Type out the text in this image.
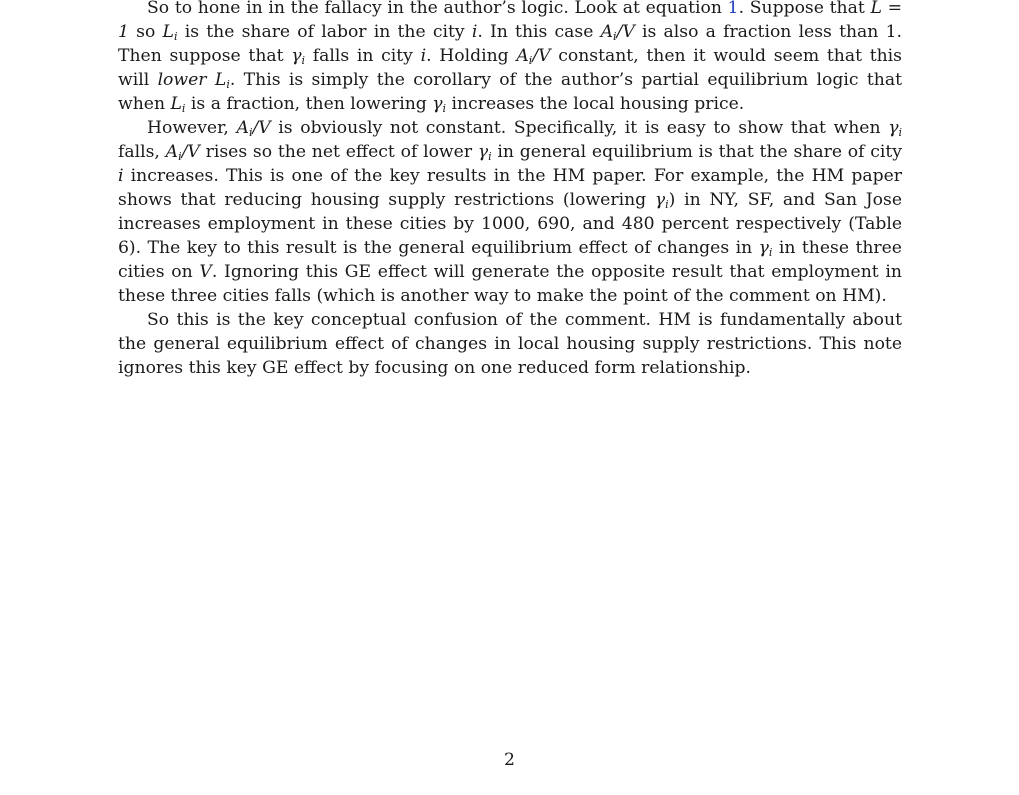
So to hone in in the fallacy in the author’s logic. Look at equation 1. Suppose that L = 1 so $L_i$ is the share of labor in the city i. In this case $A_i/V$ is also a fraction less than 1. Then suppose that $\gamma_i$ falls in city i. Holding $A_i/V$ constant, then it would seem that this will lower $L_i$. This is simply the corollary of the author’s partial equilibrium logic that when $L_i$ is a fraction, then lowering $\gamma_i$ increases the local housing price.

However, $A_i/V$ is obviously not constant. Specifically, it is easy to show that when $\gamma_i$ falls, $A_i/V$ rises so the net effect of lower $\gamma_i$ in general equilibrium is that the share of city i increases. This is one of the key results in the HM paper. For example, the HM paper shows that reducing housing supply restrictions (lowering $\gamma_i$) in NY, SF, and San Jose increases employment in these cities by 1000, 690, and 480 percent respectively (Table 6). The key to this result is the general equilibrium effect of changes in $\gamma_i$ in these three cities on V. Ignoring this GE effect will generate the opposite result that employment in these three cities falls (which is another way to make the point of the comment on HM).

So this is the key conceptual confusion of the comment. HM is fundamentally about the general equilibrium effect of changes in local housing supply restrictions. This note ignores this key GE effect by focusing on one reduced form relationship.

2
